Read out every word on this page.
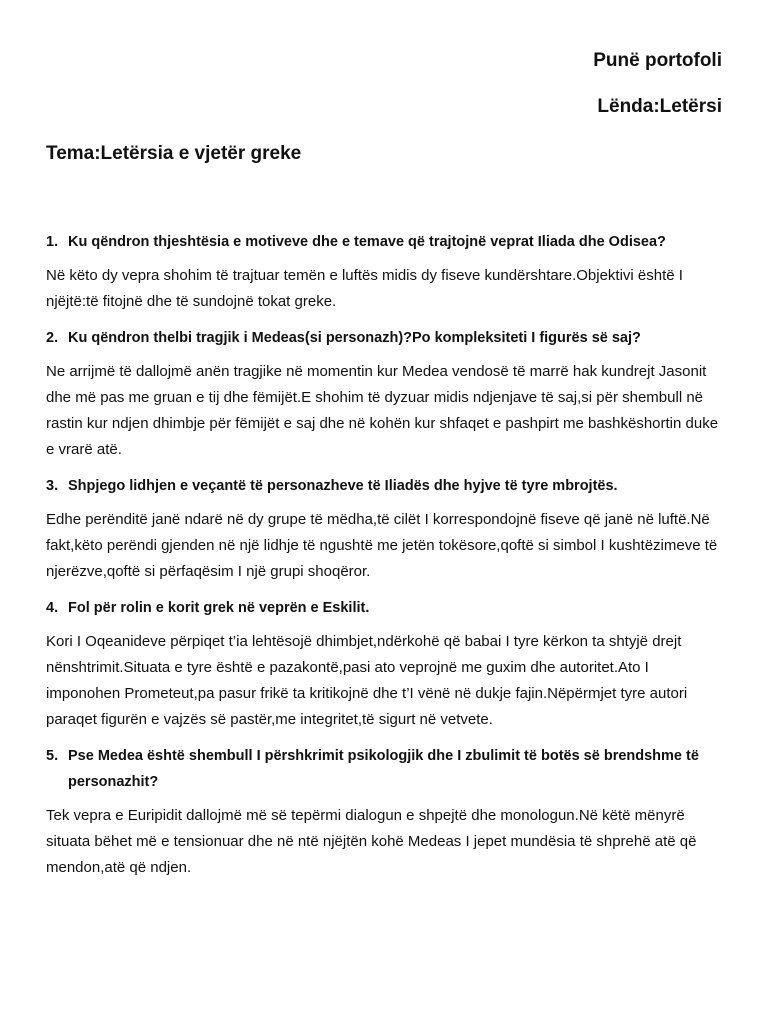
Punë portofoli
Lënda:Letërsi
Tema:Letërsia e vjetër greke
1. Ku qëndron thjeshtësia e motiveve dhe e temave që trajtojnë veprat Iliada dhe Odisea?
Në këto dy vepra shohim të trajtuar temën e luftës midis dy fiseve kundërshtare.Objektivi është I njëjtë:të fitojnë dhe të sundojnë tokat greke.
2. Ku qëndron thelbi tragjik i Medeas(si personazh)?Po kompleksiteti I figurës së saj?
Ne arrijmë të dallojmë anën tragjike në momentin kur Medea vendosë të marrë hak kundrejt Jasonit dhe më pas me gruan e tij dhe fëmijët.E shohim të dyzuar midis ndjenjave të saj,si për shembull në rastin kur ndjen dhimbje për fëmijët e saj dhe në kohën kur shfaqet e pashpirt me bashkëshortin duke e vrarë atë.
3. Shpjego lidhjen e veçantë të personazheve të Iliadës dhe hyjve të tyre mbrojtës.
Edhe perënditë janë ndarë në dy grupe të mëdha,të cilët I korrespondojnë fiseve që janë në luftë.Në fakt,këto perëndi gjenden në një lidhje të ngushtë me jetën tokësore,qoftë si simbol I kushtëzimeve të njerëzve,qoftë si përfaqësim I një grupi shoqëror.
4. Fol për rolin e korit grek në veprën e Eskilit.
Kori I Oqeanideve përpiqet t’ia lehtësojë dhimbjet,ndërkohë që babai I tyre kërkon ta shtyjë drejt nënshtrimit.Situata e tyre është e pazakontë,pasi ato veprojnë me guxim dhe autoritet.Ato I imponohen Prometeut,pa pasur frikë ta kritikojnë dhe t’I vënë në dukje fajin.Nëpërmjet tyre autori paraqet figurën e vajzës së pastër,me integritet,të sigurt në vetvete.
5. Pse Medea është shembull I përshkrimit psikologjik dhe I zbulimit të botës së brendshme të personazhit?
Tek vepra e Euripidit dallojmë më së tepërmi dialogun e shpejtë dhe monologun.Në këtë mënyrë situata bëhet më e tensionuar dhe në ntë njëjtën kohë Medeas I jepet mundësia të shprehë atë që mendon,atë që ndjen.
